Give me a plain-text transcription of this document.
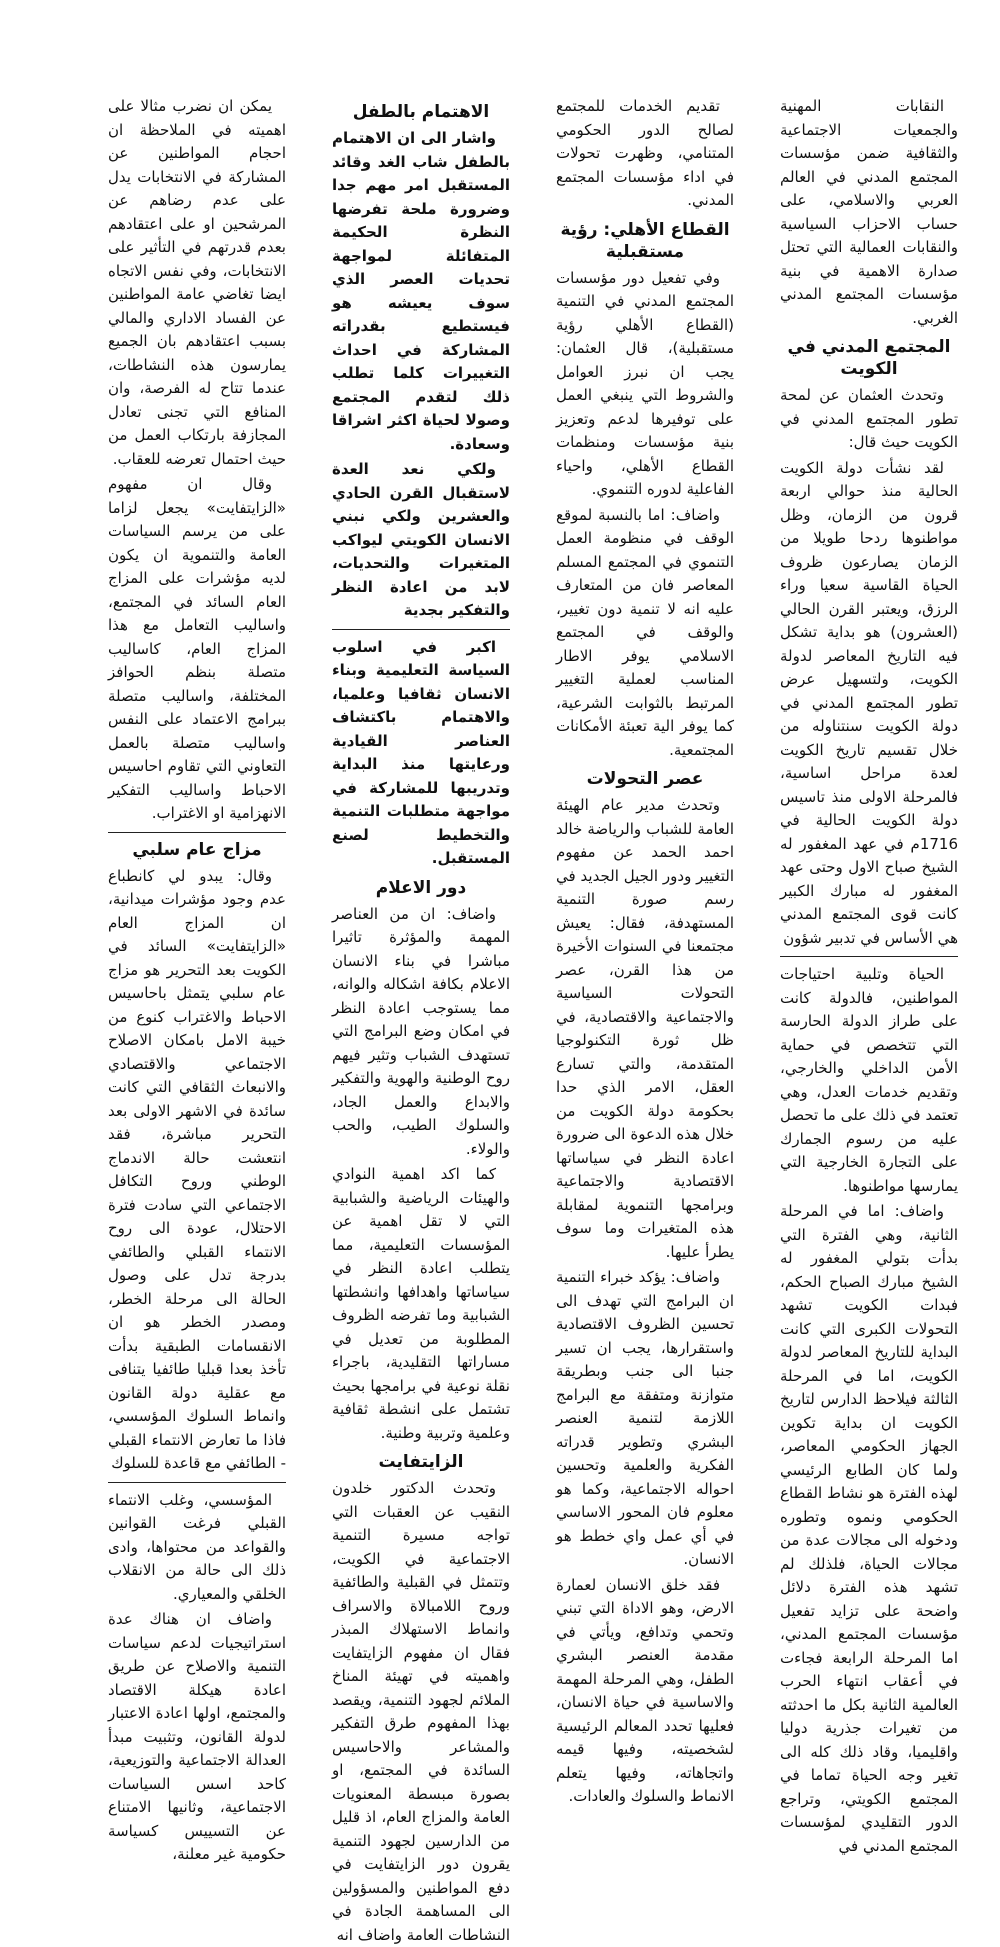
النقابات المهنية والجمعيات الاجتماعية والثقافية ضمن مؤسسات المجتمع المدني في العالم العربي والاسلامي، على حساب الاحزاب السياسية والنقابات العمالية التي تحتل صدارة الاهمية في بنية مؤسسات المجتمع المدني الغربي.

المجتمع المدني في الكويت

وتحدث العثمان عن لمحة تطور المجتمع المدني في الكويت حيث قال:

لقد نشأت دولة الكويت الحالية منذ حوالي اربعة قرون من الزمان، وظل مواطنوها ردحا طويلا من الزمان يصارعون ظروف الحياة القاسية سعيا وراء الرزق، ويعتبر القرن الحالي (العشرون) هو بداية تشكل فيه التاريخ المعاصر لدولة الكويت، ولتسهيل عرض تطور المجتمع المدني في دولة الكويت سنتناوله من خلال تقسيم تاريخ الكويت لعدة مراحل اساسية، فالمرحلة الاولى منذ تاسيس دولة الكويت الحالية في 1716م في عهد المغفور له الشيخ صباح الاول وحتى عهد المغفور له مبارك الكبير كانت قوى المجتمع المدني هي الأساس في تدبير شؤون

الحياة وتلبية احتياجات المواطنين، فالدولة كانت على طراز الدولة الحارسة التي تتخصص في حماية الأمن الداخلي والخارجي، وتقديم خدمات العدل، وهي تعتمد في ذلك على ما تحصل عليه من رسوم الجمارك على التجارة الخارجية التي يمارسها مواطنوها.

واضاف: اما في المرحلة الثانية، وهي الفترة التي بدأت بتولي المغفور له الشيخ مبارك الصباح الحكم، فبدات الكويت تشهد التحولات الكبرى التي كانت البداية للتاريخ المعاصر لدولة الكويت، اما في المرحلة الثالثة فيلاحظ الدارس لتاريخ الكويت ان بداية تكوين الجهاز الحكومي المعاصر، ولما كان الطابع الرئيسي لهذه الفترة هو نشاط القطاع الحكومي ونموه وتطوره ودخوله الى مجالات عدة من مجالات الحياة، فلذلك لم تشهد هذه الفترة دلائل واضحة على تزايد تفعيل مؤسسات المجتمع المدني، اما المرحلة الرابعة فجاءت في أعقاب انتهاء الحرب العالمية الثانية بكل ما احدثته من تغيرات جذرية دوليا واقليميا، وقاد ذلك كله الى تغير وجه الحياة تماما في المجتمع الكويتي، وتراجع الدور التقليدي لمؤسسات المجتمع المدني في

تقديم الخدمات للمجتمع لصالح الدور الحكومي المتنامي، وظهرت تحولات في اداء مؤسسات المجتمع المدني.

القطاع الأهلي: رؤية مستقبلية

وفي تفعيل دور مؤسسات المجتمع المدني في التنمية (القطاع الأهلي رؤية مستقبلية)، قال العثمان: يجب ان نبرز العوامل والشروط التي ينبغي العمل على توفيرها لدعم وتعزيز بنية مؤسسات ومنظمات القطاع الأهلي، واحياء الفاعلية لدوره التنموي.

واضاف: اما بالنسبة لموقع الوقف في منظومة العمل التنموي في المجتمع المسلم المعاصر فان من المتعارف عليه انه لا تنمية دون تغيير، والوقف في المجتمع الاسلامي يوفر الاطار المناسب لعملية التغيير المرتبط بالثوابت الشرعية، كما يوفر الية تعبئة الأمكانات المجتمعية.

عصر التحولات

وتحدث مدير عام الهيئة العامة للشباب والرياضة خالد احمد الحمد عن مفهوم التغيير ودور الجيل الجديد في رسم صورة التنمية المستهدفة، فقال: يعيش مجتمعنا في السنوات الأخيرة من هذا القرن، عصر التحولات السياسية والاجتماعية والاقتصادية، في ظل ثورة التكنولوجيا المتقدمة، والتي تسارع العقل، الامر الذي حدا بحكومة دولة الكويت من خلال هذه الدعوة الى ضرورة اعادة النظر في سياساتها الاقتصادية والاجتماعية وبرامجها التنموية لمقابلة هذه المتغيرات وما سوف يطرأ عليها.

واضاف: يؤكد خبراء التنمية ان البرامج التي تهدف الى تحسين الظروف الاقتصادية واستقرارها، يجب ان تسير جنبا الى جنب وبطريقة متوازنة ومتفقة مع البرامج اللازمة لتنمية العنصر البشري وتطوير قدراته الفكرية والعلمية وتحسين احواله الاجتماعية، وكما هو معلوم فان المحور الاساسي في أي عمل واي خطط هو الانسان.

فقد خلق الانسان لعمارة الارض، وهو الاداة التي تبني وتحمي وتدافع، ويأتي في مقدمة العنصر البشري الطفل، وهي المرحلة المهمة والاساسية في حياة الانسان، فعليها تحدد المعالم الرئيسية لشخصيته، وفيها قيمه واتجاهاته، وفيها يتعلم الانماط والسلوك والعادات.

الاهتمام بالطفل

واشار الى ان الاهتمام بالطفل شاب الغد وقائد المستقبل امر مهم جدا وضرورة ملحة تفرضها النظرة الحكيمة المتفائلة لمواجهة تحديات العصر الذي سوف يعيشه هو فيستطيع بقدراته المشاركة في احداث التغييرات كلما تطلب ذلك لتقدم المجتمع وصولا لحياة اكثر اشراقا وسعادة.

ولكي نعد العدة لاستقبال القرن الحادي والعشرين ولكي نبني الانسان الكويتي ليواكب المتغيرات والتحديات، لابد من اعادة النظر والتفكير بجدية

اكبر في اسلوب السياسة التعليمية وبناء الانسان ثقافيا وعلميا، والاهتمام باكتشاف العناصر القيادية ورعايتها منذ البداية وتدريبها للمشاركة في مواجهة متطلبات التنمية والتخطيط لصنع المستقبل.

دور الاعلام

واضاف: ان من العناصر المهمة والمؤثرة تاثيرا مباشرا في بناء الانسان الاعلام بكافة اشكاله والوانه، مما يستوجب اعادة النظر في امكان وضع البرامج التي تستهدف الشباب وتثير فيهم روح الوطنية والهوية والتفكير والابداع والعمل الجاد، والسلوك الطيب، والحب والولاء.

كما اكد اهمية النوادي والهيئات الرياضية والشبابية التي لا تقل اهمية عن المؤسسات التعليمية، مما يتطلب اعادة النظر في سياساتها واهدافها وانشطتها الشبابية وما تفرضه الظروف المطلوبة من تعديل في مساراتها التقليدية، باجراء نقلة نوعية في برامجها بحيث تشتمل على انشطة ثقافية وعلمية وتربية وطنية.

الزايتفايت

وتحدث الدكتور خلدون النقيب عن العقبات التي تواجه مسيرة التنمية الاجتماعية في الكويت، وتتمثل في القبلية والطائفية وروح اللامبالاة والاسراف وانماط الاستهلاك المبذر فقال ان مفهوم الزايتفايت واهميته في تهيئة المناخ الملائم لجهود التنمية، ويقصد بهذا المفهوم طرق التفكير والمشاعر والاحاسيس السائدة في المجتمع، او بصورة مبسطة المعنويات العامة والمزاج العام، اذ قليل من الدارسين لجهود التنمية يقرون دور الزايتفايت في دفع المواطنين والمسؤولين الى المساهمة الجادة في النشاطات العامة واضاف انه

يمكن ان نضرب مثالا على اهميته في الملاحظة ان احجام المواطنين عن المشاركة في الانتخابات يدل على عدم رضاهم عن المرشحين او على اعتقادهم بعدم قدرتهم في التأثير على الانتخابات، وفي نفس الاتجاه ايضا تغاضي عامة المواطنين عن الفساد الاداري والمالي بسبب اعتقادهم بان الجميع يمارسون هذه النشاطات، عندما تتاح له الفرصة، وان المنافع التي تجنى تعادل المجازفة بارتكاب العمل من حيث احتمال تعرضه للعقاب.

وقال ان مفهوم «الزايتفايت» يجعل لزاما على من يرسم السياسات العامة والتنموية ان يكون لديه مؤشرات على المزاج العام السائد في المجتمع، واساليب التعامل مع هذا المزاج العام، كاساليب متصلة بنظم الحوافز المختلفة، واساليب متصلة ببرامج الاعتماد على النفس واساليب متصلة بالعمل التعاوني التي تقاوم احاسيس الاحباط واساليب التفكير الانهزامية او الاغتراب.

مزاج عام سلبي

وقال: يبدو لي كانطباع عدم وجود مؤشرات ميدانية، ان المزاج العام «الزايتفايت» السائد في الكويت بعد التحرير هو مزاج عام سلبي يتمثل باحاسيس الاحباط والاغتراب كنوع من خيبة الامل بامكان الاصلاح الاجتماعي والاقتصادي والانبعاث الثقافي التي كانت سائدة في الاشهر الاولى بعد التحرير مباشرة، فقد انتعشت حالة الاندماج الوطني وروح التكافل الاجتماعي التي سادت فترة الاحتلال، عودة الى روح الانتماء القبلي والطائفي بدرجة تدل على وصول الحالة الى مرحلة الخطر، ومصدر الخطر هو ان الانقسامات الطبقية بدأت تأخذ بعدا قبليا طائفيا يتنافى مع عقلية دولة القانون وانماط السلوك المؤسسي، فاذا ما تعارض الانتماء القبلي - الطائفي مع قاعدة للسلوك

المؤسسي، وغلب الانتماء القبلي فرغت القوانين والقواعد من محتواها، وادى ذلك الى حالة من الانقلاب الخلقي والمعياري.

واضاف ان هناك عدة استراتيجيات لدعم سياسات التنمية والاصلاح عن طريق اعادة هيكلة الاقتصاد والمجتمع، اولها اعادة الاعتبار لدولة القانون، وتثبيت مبدأ العدالة الاجتماعية والتوزيعية، كاحد اسس السياسات الاجتماعية، وثانيها الامتناع عن التسييس كسياسة حكومية غير معلنة،
